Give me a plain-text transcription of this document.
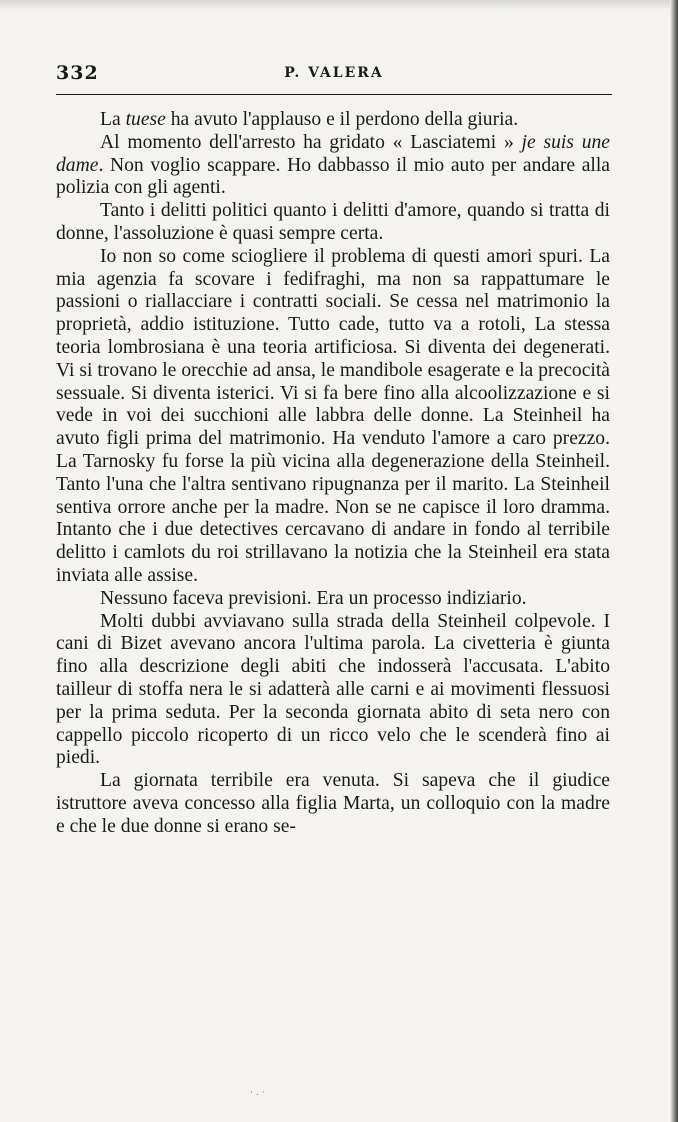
332	P. VALERA

La tuese ha avuto l'applauso e il perdono della giuria.

Al momento dell'arresto ha gridato « Lasciatemi » je suis une dame. Non voglio scappare. Ho dabbasso il mio auto per andare alla polizia con gli agenti.

Tanto i delitti politici quanto i delitti d'amore, quando si tratta di donne, l'assoluzione è quasi sempre certa.

Io non so come sciogliere il problema di questi amori spuri. La mia agenzia fa scovare i fedifraghi, ma non sa rappattumare le passioni o riallacciare i contratti sociali. Se cessa nel matrimonio la proprietà, addio istituzione. Tutto cade, tutto va a rotoli, La stessa teoria lombrosiana è una teoria artificiosa. Si diventa dei degenerati. Vi si trovano le orecchie ad ansa, le mandibole esagerate e la precocità sessuale. Si diventa isterici. Vi si fa bere fino alla alcoolizzazione e si vede in voi dei succhioni alle labbra delle donne. La Steinheil ha avuto figli prima del matrimonio. Ha venduto l'amore a caro prezzo. La Tarnosky fu forse la più vicina alla degenerazione della Steinheil. Tanto l'una che l'altra sentivano ripugnanza per il marito. La Steinheil sentiva orrore anche per la madre. Non se ne capisce il loro dramma. Intanto che i due detectives cercavano di andare in fondo al terribile delitto i camlots du roi strillavano la notizia che la Steinheil era stata inviata alle assise.

Nessuno faceva previsioni. Era un processo indiziario.

Molti dubbi avviavano sulla strada della Steinheil colpevole. I cani di Bizet avevano ancora l'ultima parola. La civetteria è giunta fino alla descrizione degli abiti che indosserà l'accusata. L'abito tailleur di stoffa nera le si adatterà alle carni e ai movimenti flessuosi per la prima seduta. Per la seconda giornata abito di seta nero con cappello piccolo ricoperto di un ricco velo che le scenderà fino ai piedi.

La giornata terribile era venuta. Si sapeva che il giudice istruttore aveva concesso alla figlia Marta, un colloquio con la madre e che le due donne si erano se-

·.·
